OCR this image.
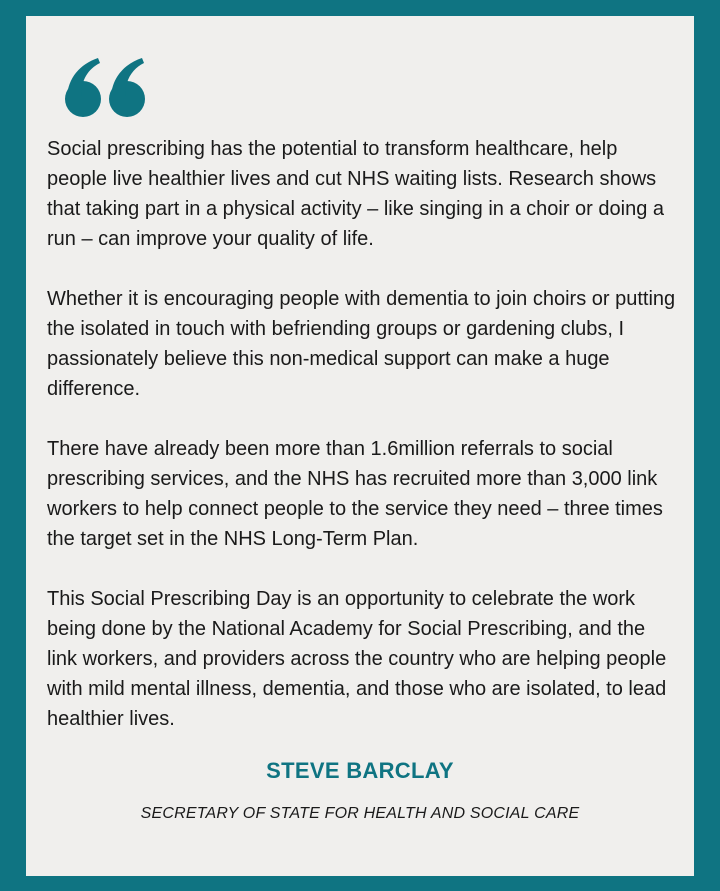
Social prescribing has the potential to transform healthcare, help people live healthier lives and cut NHS waiting lists. Research shows that taking part in a physical activity – like singing in a choir or doing a run – can improve your quality of life.

Whether it is encouraging people with dementia to join choirs or putting the isolated in touch with befriending groups or gardening clubs, I passionately believe this non-medical support can make a huge difference.

There have already been more than 1.6million referrals to social prescribing services, and the NHS has recruited more than 3,000 link workers to help connect people to the service they need – three times the target set in the NHS Long-Term Plan.

This Social Prescribing Day is an opportunity to celebrate the work being done by the National Academy for Social Prescribing, and the link workers, and providers across the country who are helping people with mild mental illness, dementia, and those who are isolated, to lead healthier lives.

STEVE BARCLAY
SECRETARY OF STATE FOR HEALTH AND SOCIAL CARE
